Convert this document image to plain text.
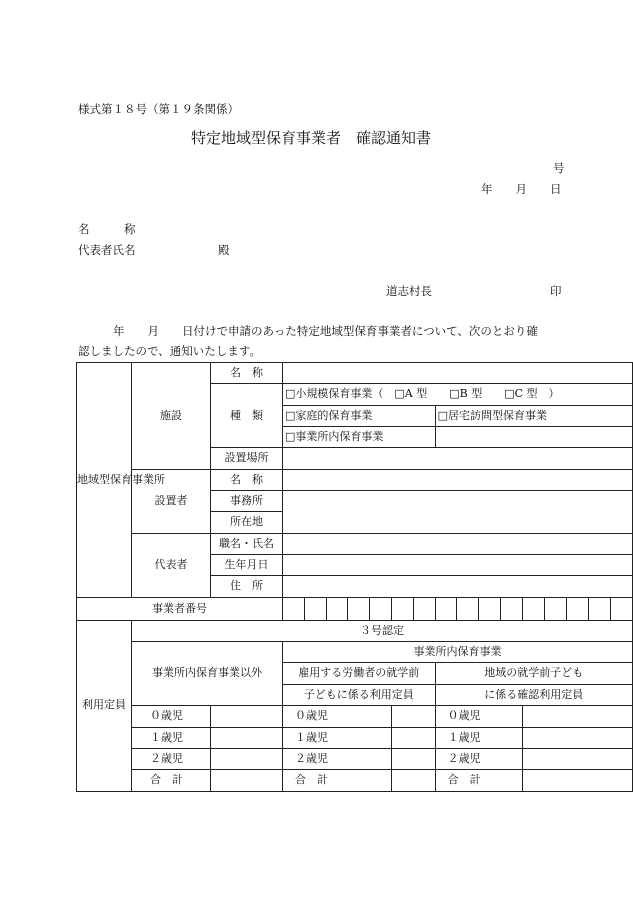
様式第１８号（第１９条関係）
特定地域型保育事業者　確認通知書
号
年　　月　　日
名　　　称
代表者氏名	殿
道志村長	印
年　　月　　日付けで申請のあった特定地域型保育事業者について、次のとおり確
認しましたので、通知いたします。
地域型保育事業所	施設	名　称																
		種　類	□小規模保育事業（　□A 型　　□B 型　　□C 型　）															
			□家庭的保育事業							□居宅訪問型保育事業								
			□事業所内保育事業															
		設置場所																
	設置者	名　称																
		事務所																
		所在地																
	代表者	職名・氏名																
		生年月日																
		住　所																
事業者番号																		
利用定員	３号認定																	
	事業所内保育事業以外		事業所内保育事業															
			雇用する労働者の就学前							地域の就学前子ども								
			子どもに係る利用定員							に係る確認利用定員								
	０歳児		０歳児							０歳児								
	１歳児		１歳児							１歳児								
	２歳児		２歳児							２歳児								
	合　計		合　計							合　計								
